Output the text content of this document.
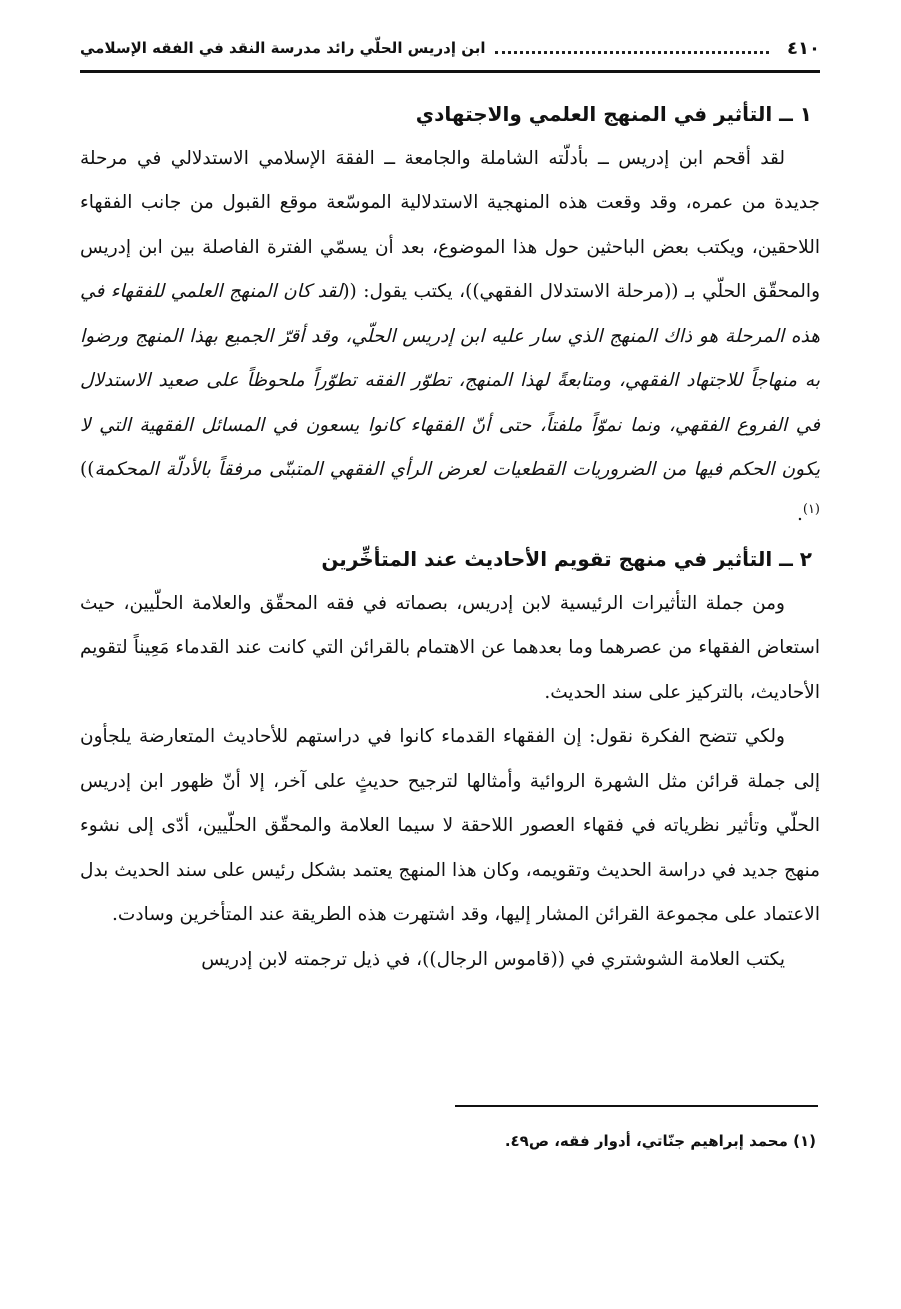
٤١٠
ابن إدريس الحلّي رائد مدرسة النقد في الفقه الإسلامي

١ ــ التأثير في المنهج العلمي والاجتهادي

لقد أقحم ابن إدريس ــ بأدلّته الشاملة والجامعة ــ الفقهَ الإسلامي الاستدلالي في مرحلة جديدة من عمره، وقد وقعت هذه المنهجية الاستدلالية الموسّعة موقع القبول من جانب الفقهاء اللاحقين، ويكتب بعض الباحثين حول هذا الموضوع، بعد أن يسمّي الفترة الفاصلة بين ابن إدريس والمحقّق الحلّي بـ ((مرحلة الاستدلال الفقهي))، يكتب يقول: ((لقد كان المنهج العلمي للفقهاء في هذه المرحلة هو ذاك المنهج الذي سار عليه ابن إدريس الحلّي، وقد أقرّ الجميع بهذا المنهج ورضوا به منهاجاً للاجتهاد الفقهي، ومتابعةً لهذا المنهج، تطوّر الفقه تطوّراً ملحوظاً على صعيد الاستدلال في الفروع الفقهي، ونما نموّاً ملفتاً، حتى أنّ الفقهاء كانوا يسعون في المسائل الفقهية التي لا يكون الحكم فيها من الضروريات القطعيات لعرض الرأي الفقهي المتبنّى مرفقاً بالأدلّة المحكمة))$^{(١)}$.

٢ ــ التأثير في منهج تقويم الأحاديث عند المتأخِّرين

ومن جملة التأثيرات الرئيسية لابن إدريس، بصماته في فقه المحقّق والعلامة الحلّيين، حيث استعاض الفقهاء من عصرهما وما بعدهما عن الاهتمام بالقرائن التي كانت عند القدماء مَعِيناً لتقويم الأحاديث، بالتركيز على سند الحديث.

ولكي تتضح الفكرة نقول: إن الفقهاء القدماء كانوا في دراستهم للأحاديث المتعارضة يلجأون إلى جملة قرائن مثل الشهرة الروائية وأمثالها لترجيح حديثٍ على آخر، إلا أنّ ظهور ابن إدريس الحلّي وتأثير نظرياته في فقهاء العصور اللاحقة لا سيما العلامة والمحقّق الحلّيين، أدّى إلى نشوء منهج جديد في دراسة الحديث وتقويمه، وكان هذا المنهج يعتمد بشكل رئيس على سند الحديث بدل الاعتماد على مجموعة القرائن المشار إليها، وقد اشتهرت هذه الطريقة عند المتأخرين وسادت.

يكتب العلامة الشوشتري في ((قاموس الرجال))، في ذيل ترجمته لابن إدريس

(١) محمد إبراهيم جنّاتي، أدوار فقه، ص٤٩.
